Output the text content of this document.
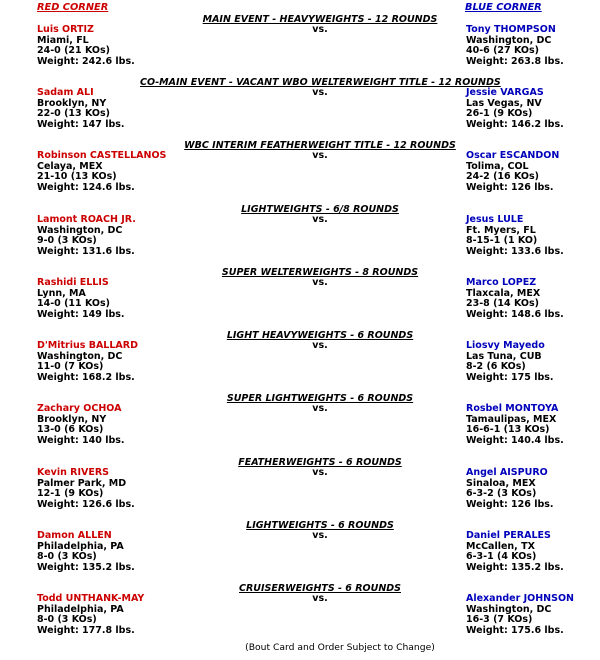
RED CORNER	BLUE CORNER
MAIN EVENT - HEAVYWEIGHTS - 12 ROUNDS
vs.
Luis ORTIZ
Miami, FL
24-0 (21 KOs)
Weight: 242.6 lbs.
Tony THOMPSON
Washington, DC
40-6 (27 KOs)
Weight: 263.8 lbs.
CO-MAIN EVENT - VACANT WBO WELTERWEIGHT TITLE - 12 ROUNDS
vs.
Sadam ALI
Brooklyn, NY
22-0 (13 KOs)
Weight: 147 lbs.
Jessie VARGAS
Las Vegas, NV
26-1 (9 KOs)
Weight: 146.2 lbs.
WBC INTERIM FEATHERWEIGHT TITLE - 12 ROUNDS
vs.
Robinson CASTELLANOS
Celaya, MEX
21-10 (13 KOs)
Weight: 124.6 lbs.
Oscar ESCANDON
Tolima, COL
24-2 (16 KOs)
Weight: 126 lbs.
LIGHTWEIGHTS - 6/8 ROUNDS
vs.
Lamont ROACH JR.
Washington, DC
9-0 (3 KOs)
Weight: 131.6 lbs.
Jesus LULE
Ft. Myers, FL
8-15-1 (1 KO)
Weight: 133.6 lbs.
SUPER WELTERWEIGHTS - 8 ROUNDS
vs.
Rashidi ELLIS
Lynn, MA
14-0 (11 KOs)
Weight: 149 lbs.
Marco LOPEZ
Tlaxcala, MEX
23-8 (14 KOs)
Weight: 148.6 lbs.
LIGHT HEAVYWEIGHTS - 6 ROUNDS
vs.
D'Mitrius BALLARD
Washington, DC
11-0 (7 KOs)
Weight: 168.2 lbs.
Liosvy Mayedo
Las Tuna, CUB
8-2 (6 KOs)
Weight: 175 lbs.
SUPER LIGHTWEIGHTS - 6 ROUNDS
vs.
Zachary OCHOA
Brooklyn, NY
13-0 (6 KOs)
Weight: 140 lbs.
Rosbel MONTOYA
Tamaulipas, MEX
16-6-1 (13 KOs)
Weight: 140.4 lbs.
FEATHERWEIGHTS - 6 ROUNDS
vs.
Kevin RIVERS
Palmer Park, MD
12-1 (9 KOs)
Weight: 126.6 lbs.
Angel AISPURO
Sinaloa, MEX
6-3-2 (3 KOs)
Weight: 126 lbs.
LIGHTWEIGHTS - 6 ROUNDS
vs.
Damon ALLEN
Philadelphia, PA
8-0 (3 KOs)
Weight: 135.2 lbs.
Daniel PERALES
McCallen, TX
6-3-1 (4 KOs)
Weight: 135.2 lbs.
CRUISERWEIGHTS - 6 ROUNDS
vs.
Todd UNTHANK-MAY
Philadelphia, PA
8-0 (3 KOs)
Weight: 177.8 lbs.
Alexander JOHNSON
Washington, DC
16-3 (7 KOs)
Weight: 175.6 lbs.
(Bout Card and Order Subject to Change)
